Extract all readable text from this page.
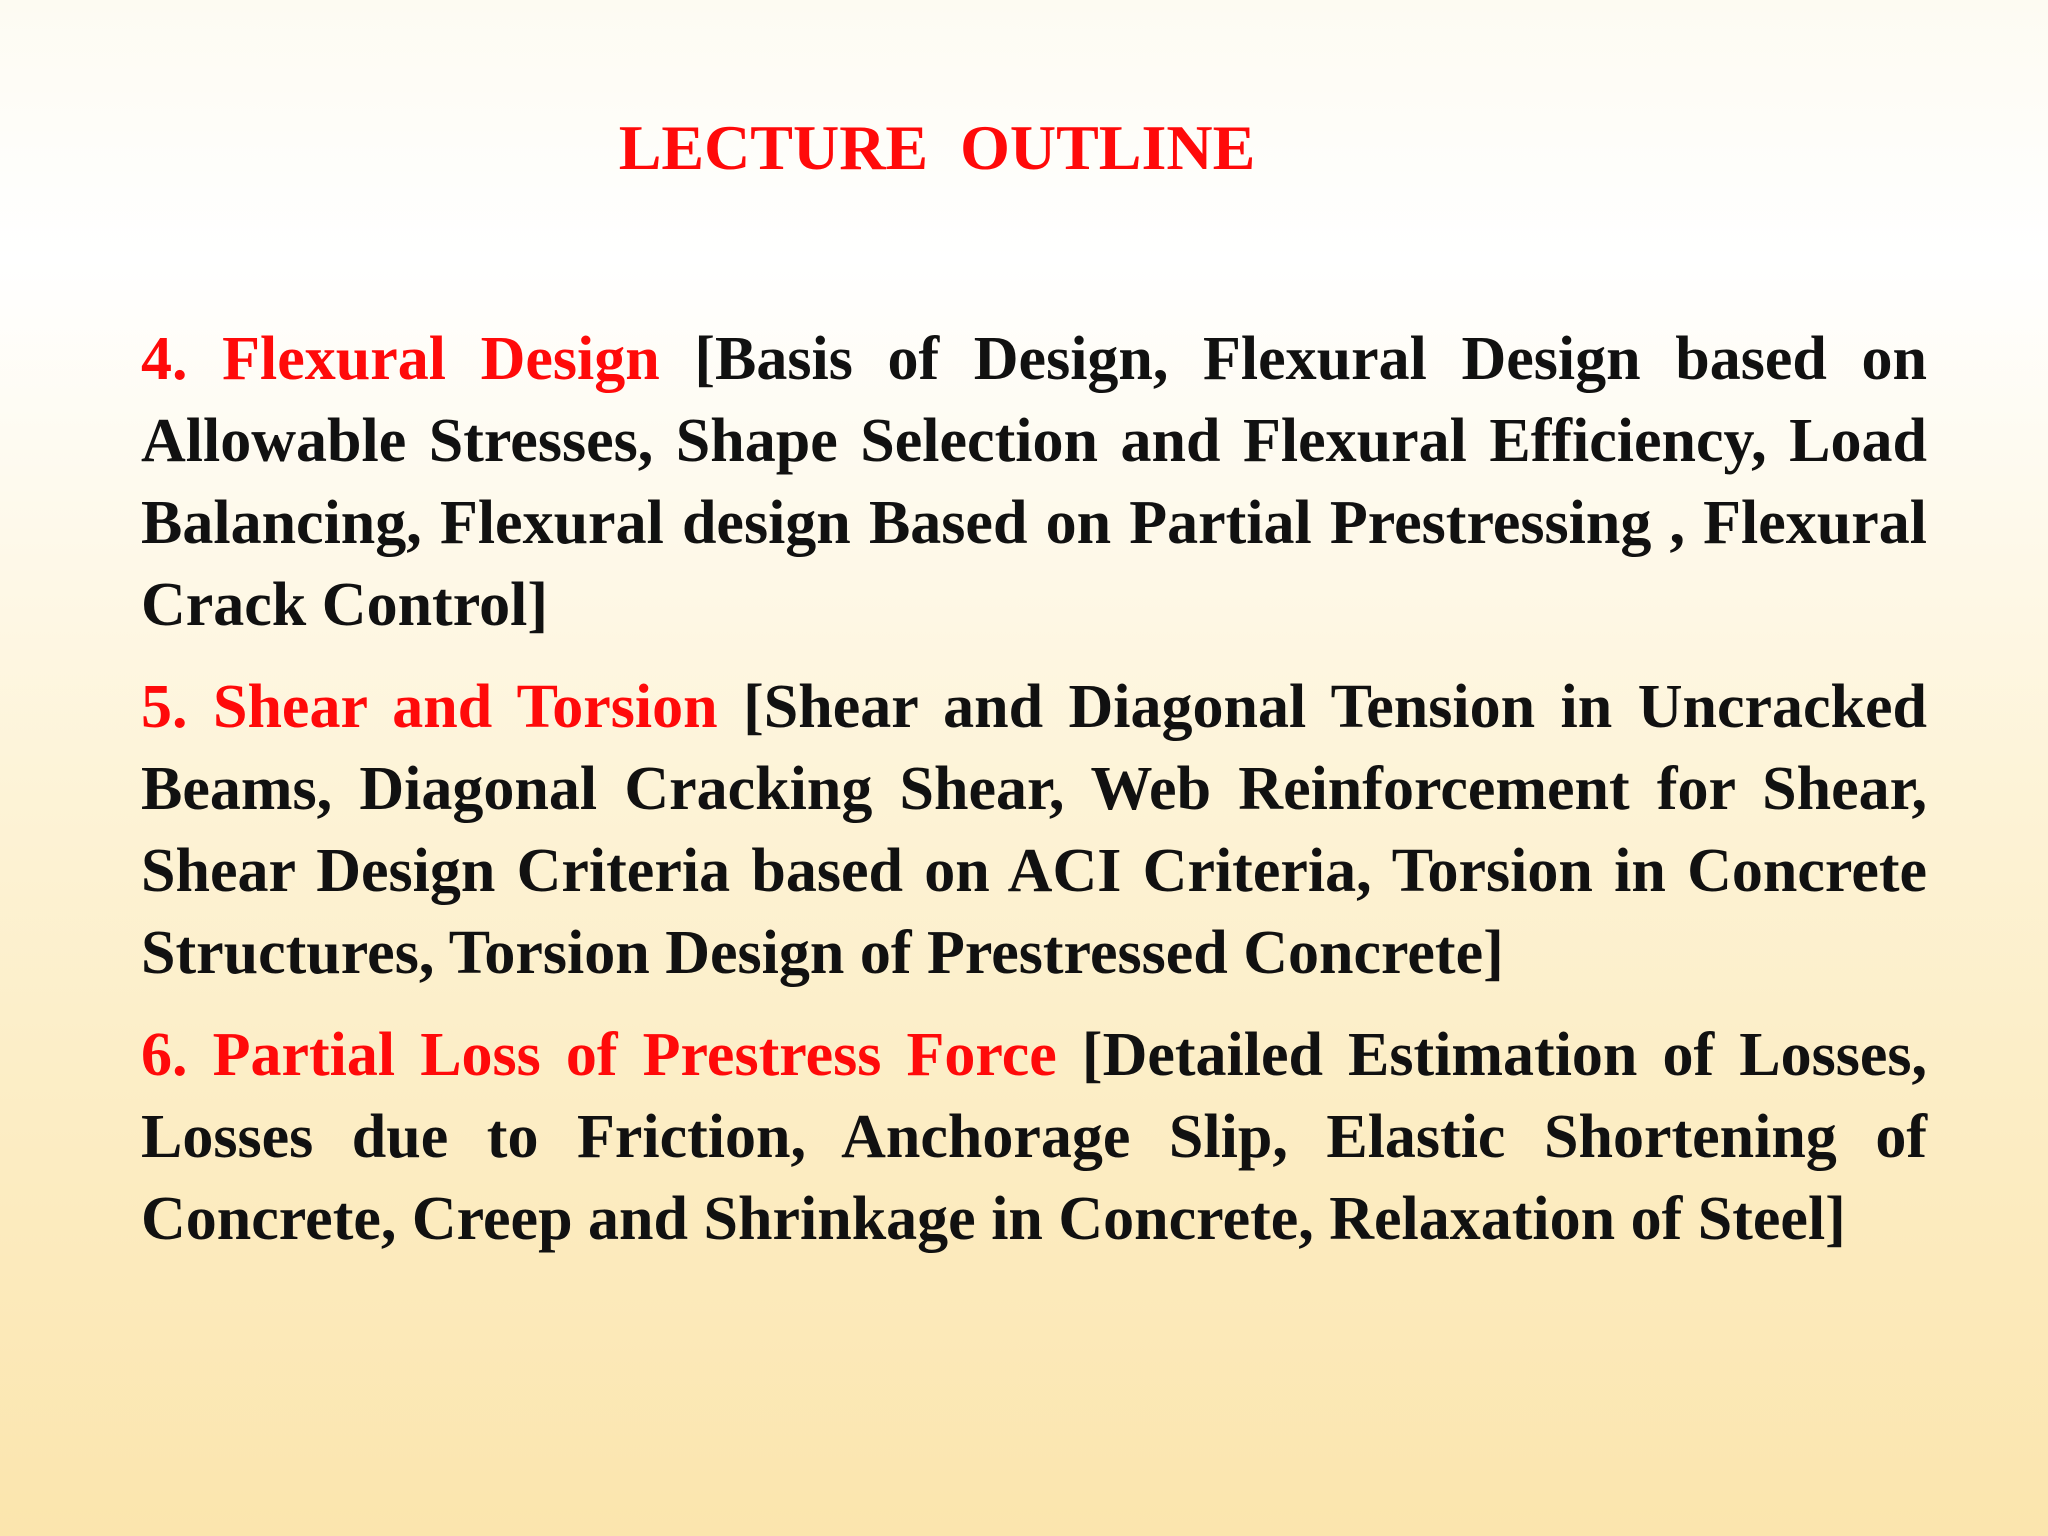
LECTURE  OUTLINE

4. Flexural Design [Basis of Design, Flexural Design based on Allowable Stresses, Shape Selection and Flexural Efficiency, Load Balancing, Flexural design Based on Partial Prestressing , Flexural Crack Control]

5. Shear and Torsion [Shear and Diagonal Tension in Uncracked Beams, Diagonal Cracking Shear, Web Reinforcement for Shear, Shear Design Criteria based on ACI Criteria, Torsion in Concrete Structures, Torsion Design of Prestressed Concrete]

6. Partial Loss of Prestress Force [Detailed Estimation of Losses, Losses due to Friction, Anchorage Slip, Elastic Shortening of Concrete, Creep and Shrinkage in Concrete, Relaxation of Steel]
